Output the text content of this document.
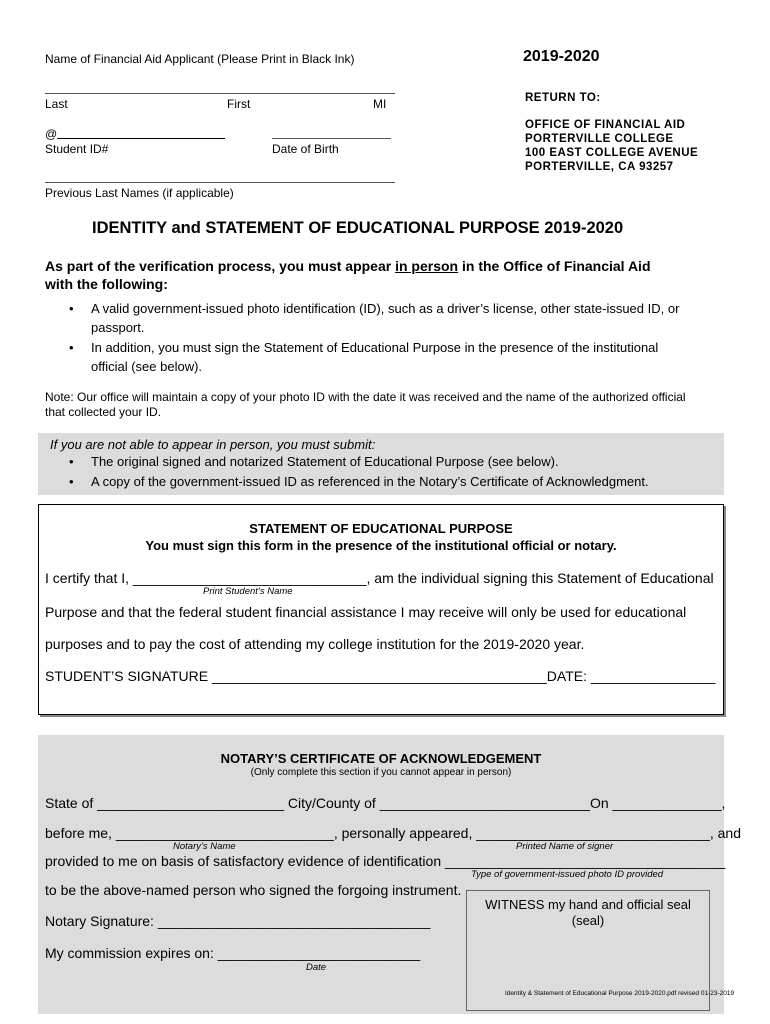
Name of Financial Aid Applicant (Please Print in Black Ink)	2019-2020
Last	First	MI
@
Student ID#	Date of Birth
Previous Last Names (if applicable)
RETURN TO:
OFFICE OF FINANCIAL AID
PORTERVILLE COLLEGE
100 EAST COLLEGE AVENUE
PORTERVILLE, CA 93257
IDENTITY and STATEMENT OF EDUCATIONAL PURPOSE 2019-2020
As part of the verification process, you must appear in person in the Office of Financial Aid
with the following:
• A valid government-issued photo identification (ID), such as a driver’s license, other state-issued ID, or
passport.
• In addition, you must sign the Statement of Educational Purpose in the presence of the institutional
official (see below).
Note: Our office will maintain a copy of your photo ID with the date it was received and the name of the authorized official
that collected your ID.
If you are not able to appear in person, you must submit:
• The original signed and notarized Statement of Educational Purpose (see below).
• A copy of the government-issued ID as referenced in the Notary’s Certificate of Acknowledgment.
STATEMENT OF EDUCATIONAL PURPOSE
You must sign this form in the presence of the institutional official or notary.
I certify that I, ______________________________, am the individual signing this Statement of Educational
Print Student’s Name
Purpose and that the federal student financial assistance I may receive will only be used for educational
purposes and to pay the cost of attending my college institution for the 2019-2020 year.
STUDENT’S SIGNATURE ___________________________________________DATE: ________________
NOTARY’S CERTIFICATE OF ACKNOWLEDGEMENT
(Only complete this section if you cannot appear in person)
State of ________________________ City/County of ___________________________On ______________,
before me, ____________________________, personally appeared, ______________________________, and
Notary’s Name	Printed Name of signer
provided to me on basis of satisfactory evidence of identification ____________________________________
Type of government-issued photo ID provided
to be the above-named person who signed the forgoing instrument.
Notary Signature: ___________________________________
My commission expires on: __________________________
Date
WITNESS my hand and official seal
(seal)
Identity & Statement of Educational Purpose 2019-2020.pdf revised 01-23-2019
